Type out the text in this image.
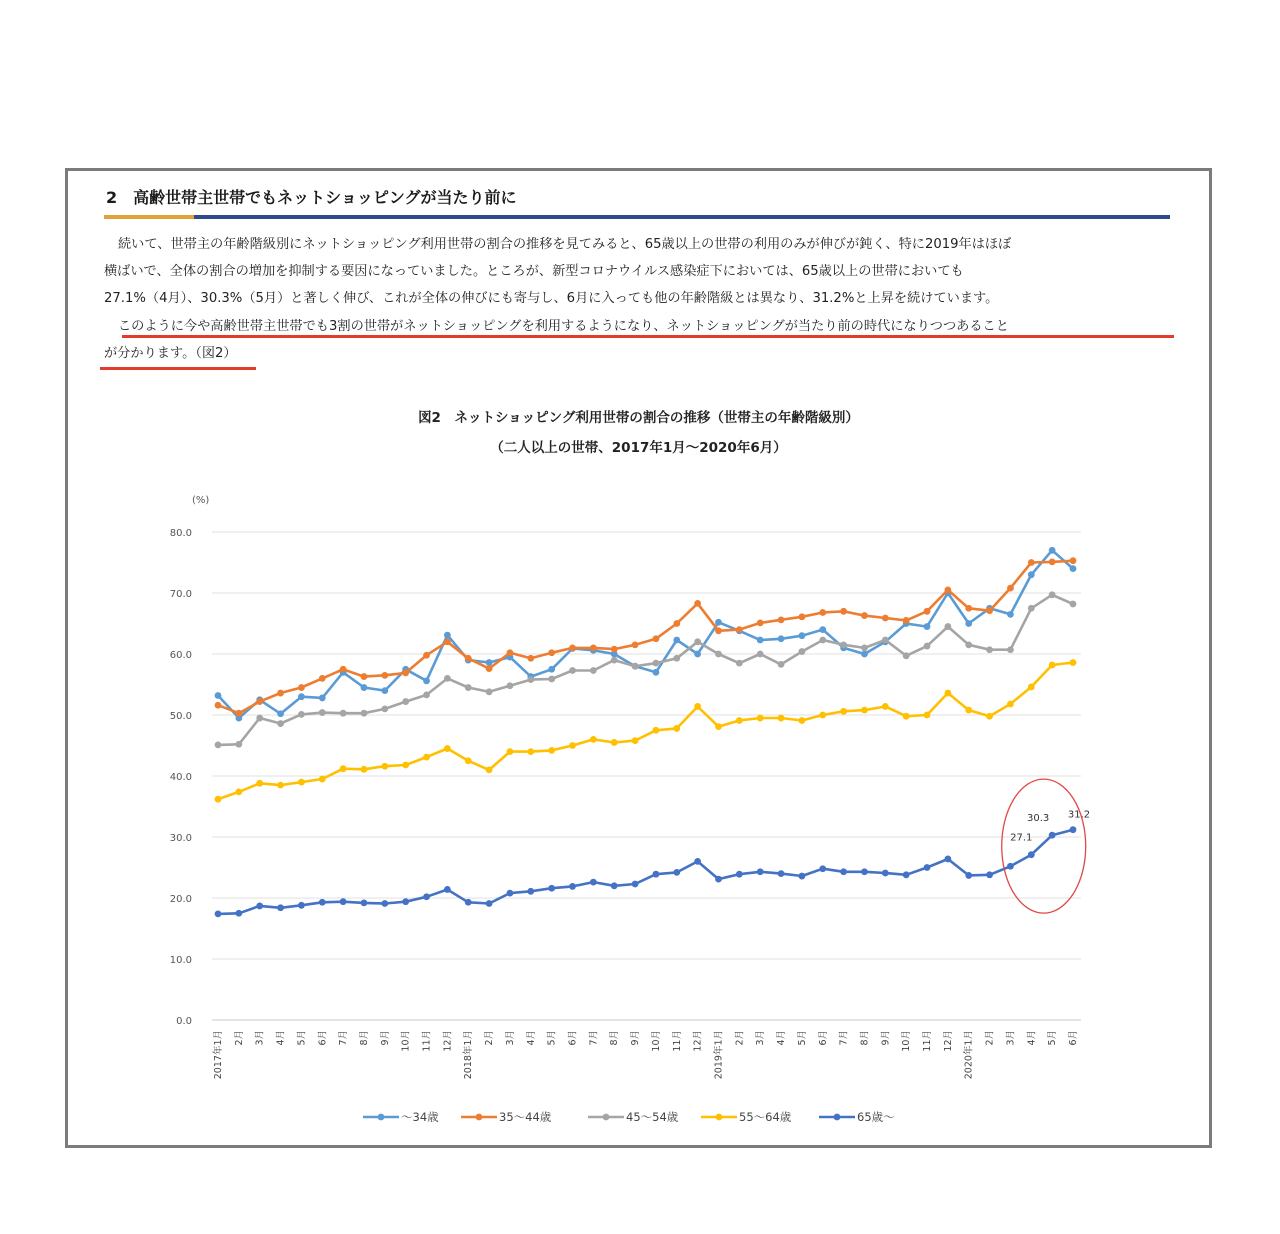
2　高齢世帯主世帯でもネットショッピングが当たり前に
続いて、世帯主の年齢階級別にネットショッピング利用世帯の割合の推移を見てみると、65歳以上の世帯の利用のみが伸びが鈍く、特に2019年はほぼ
横ばいで、全体の割合の増加を抑制する要因になっていました。ところが、新型コロナウイルス感染症下においては、65歳以上の世帯においても
27.1%（4月）、30.3%（5月）と著しく伸び、これが全体の伸びにも寄与し、6月に入っても他の年齢階級とは異なり、31.2%と上昇を続けています。
このように今や高齢世帯主世帯でも3割の世帯がネットショッピングを利用するようになり、ネットショッピングが当たり前の時代になりつつあること
が分かります。（図2）
図2　ネットショッピング利用世帯の割合の推移（世帯主の年齢階級別）
（二人以上の世帯、2017年1月～2020年6月）
(%)
0.0
10.0
20.0
30.0
40.0
50.0
60.0
70.0
80.0
2017年1月 2月 3月 4月 5月 6月 7月 8月 9月 10月 11月 12月 2018年1月 2月 3月 4月 5月 6月 7月 8月 9月 10月 11月 12月 2019年1月 2月 3月 4月 5月 6月 7月 8月 9月 10月 11月 12月 2020年1月 2月 3月 4月 5月 6月
27.1
30.3 31.2
～34歳	35～44歳	45～54歳	55～64歳	65歳～
